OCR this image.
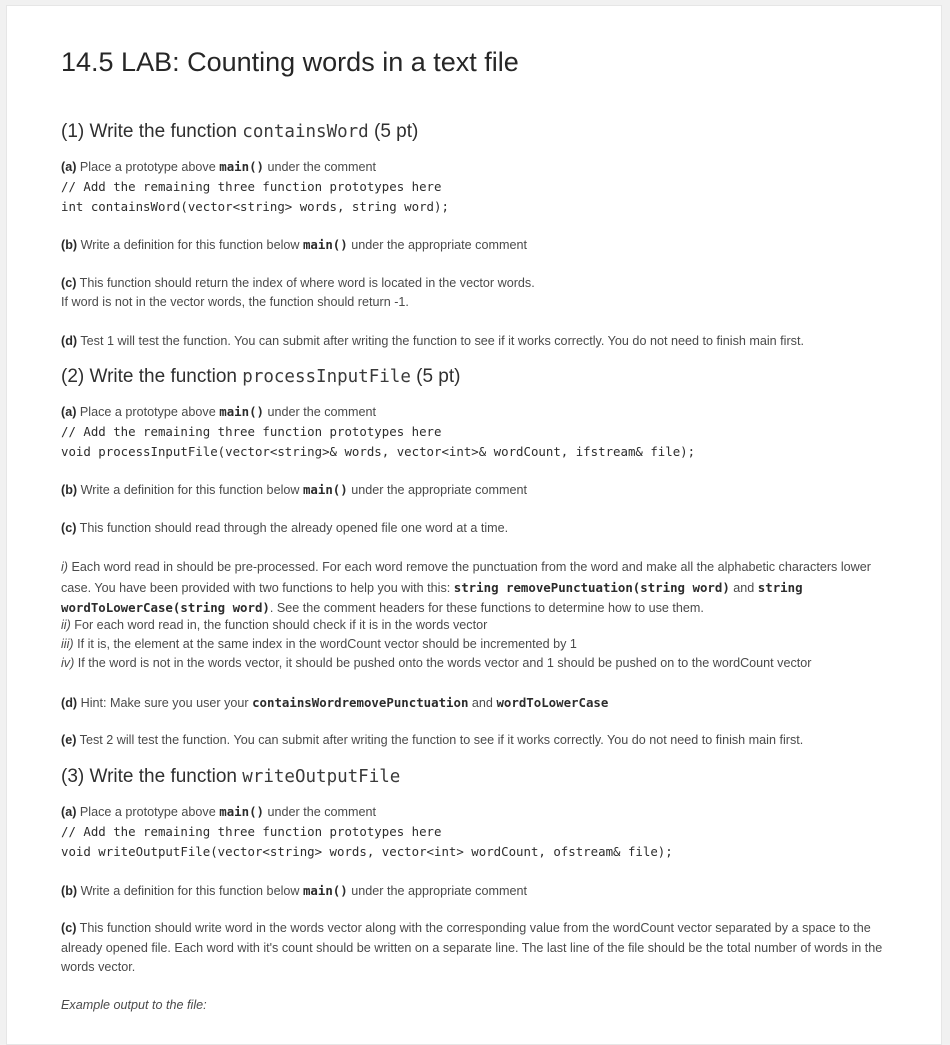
14.5 LAB: Counting words in a text file
(1) Write the function containsWord (5 pt)
(a) Place a prototype above main() under the comment
// Add the remaining three function prototypes here
int containsWord(vector<string> words, string word);
(b) Write a definition for this function below main() under the appropriate comment
(c) This function should return the index of where word is located in the vector words.
If word is not in the vector words, the function should return -1.
(d) Test 1 will test the function. You can submit after writing the function to see if it works correctly. You do not need to finish main first.
(2) Write the function processInputFile (5 pt)
(a) Place a prototype above main() under the comment
// Add the remaining three function prototypes here
void processInputFile(vector<string>& words, vector<int>& wordCount, ifstream& file);
(b) Write a definition for this function below main() under the appropriate comment
(c) This function should read through the already opened file one word at a time.
i) Each word read in should be pre-processed. For each word remove the punctuation from the word and make all the alphabetic characters lower case. You have been provided with two functions to help you with this: string removePunctuation(string word) and string wordToLowerCase(string word). See the comment headers for these functions to determine how to use them.
ii) For each word read in, the function should check if it is in the words vector
iii) If it is, the element at the same index in the wordCount vector should be incremented by 1
iv) If the word is not in the words vector, it should be pushed onto the words vector and 1 should be pushed on to the wordCount vector
(d) Hint: Make sure you user your containsWordremovePunctuation and wordToLowerCase
(e) Test 2 will test the function. You can submit after writing the function to see if it works correctly. You do not need to finish main first.
(3) Write the function writeOutputFile
(a) Place a prototype above main() under the comment
// Add the remaining three function prototypes here
void writeOutputFile(vector<string> words, vector<int> wordCount, ofstream& file);
(b) Write a definition for this function below main() under the appropriate comment
(c) This function should write word in the words vector along with the corresponding value from the wordCount vector separated by a space to the already opened file. Each word with it's count should be written on a separate line. The last line of the file should be the total number of words in the words vector.
Example output to the file:
